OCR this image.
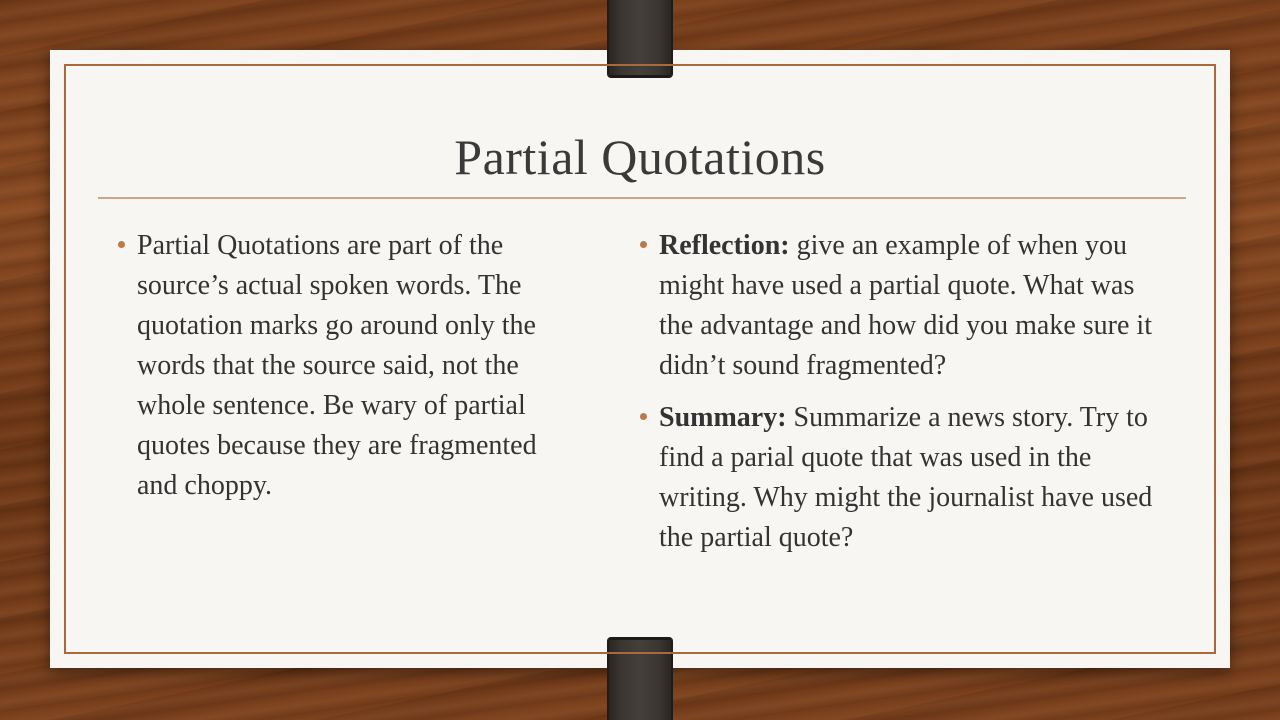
Partial Quotations
Partial Quotations are part of the source’s actual spoken words. The quotation marks go around only the words that the source said, not the whole sentence. Be wary of partial quotes because they are fragmented and choppy.
Reflection: give an example of when you might have used a partial quote. What was the advantage and how did you make sure it didn’t sound fragmented?
Summary: Summarize a news story. Try to find a parial quote that was used in the writing. Why might the journalist have used the partial quote?
